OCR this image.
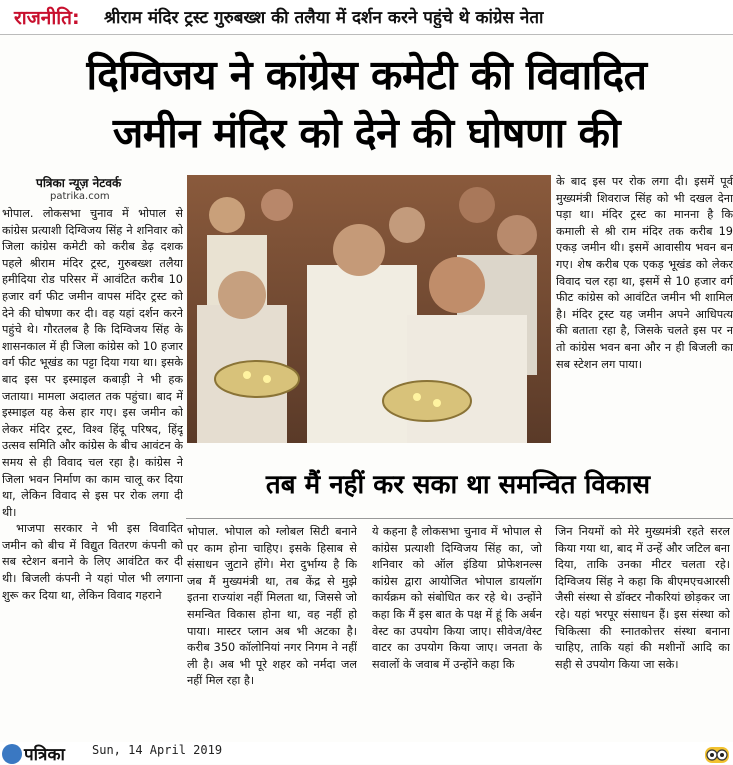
राजनीति: श्रीराम मंदिर ट्रस्ट गुरुबख्श की तलैया में दर्शन करने पहुंचे थे कांग्रेस नेता
दिग्विजय ने कांग्रेस कमेटी की विवादित
जमीन मंदिर को देने की घोषणा की
पत्रिका न्यूज़ नेटवर्क
patrika.com

भोपाल. लोकसभा चुनाव में भोपाल से कांग्रेस प्रत्याशी दिग्विजय सिंह ने शनिवार को जिला कांग्रेस कमेटी को करीब डेढ़ दशक पहले श्रीराम मंदिर ट्रस्ट, गुरुबख्श तलैया हमीदिया रोड परिसर में आवंटित करीब 10 हजार वर्ग फीट जमीन वापस मंदिर ट्रस्ट को देने की घोषणा कर दी। वह यहां दर्शन करने पहुंचे थे। गौरतलब है कि दिग्विजय सिंह के शासनकाल में ही जिला कांग्रेस को 10 हजार वर्ग फीट भूखंड का पट्टा दिया गया था। इसके बाद इस पर इस्माइल कबाड़ी ने भी हक जताया। मामला अदालत तक पहुंचा। बाद में इस्माइल यह केस हार गए। इस जमीन को लेकर मंदिर ट्रस्ट, विश्व हिंदू परिषद, हिंदू उत्सव समिति और कांग्रेस के बीच आवंटन के समय से ही विवाद चल रहा है। कांग्रेस ने जिला भवन निर्माण का काम चालू कर दिया था, लेकिन विवाद से इस पर रोक लगा दी थी।

भाजपा सरकार ने भी इस विवादित जमीन को बीच में विद्युत वितरण कंपनी को सब स्टेशन बनाने के लिए आवंटित कर दी थी। बिजली कंपनी ने यहां पोल भी लगाना शुरू कर दिया था, लेकिन विवाद गहराने

के बाद इस पर रोक लगा दी। इसमें पूर्व मुख्यमंत्री शिवराज सिंह को भी दखल देना पड़ा था। मंदिर ट्रस्ट का मानना है कि कमाली से श्री राम मंदिर तक करीब 19 एकड़ जमीन थी। इसमें आवासीय भवन बन गए। शेष करीब एक एकड़ भूखंड को लेकर विवाद चल रहा था, इसमें से 10 हजार वर्ग फीट कांग्रेस को आवंटित जमीन भी शामिल है। मंदिर ट्रस्ट यह जमीन अपने आधिपत्य की बताता रहा है, जिसके चलते इस पर न तो कांग्रेस भवन बना और न ही बिजली का सब स्टेशन लग पाया।
तब मैं नहीं कर सका था समन्वित विकास
भोपाल. भोपाल को ग्लोबल सिटी बनाने पर काम होना चाहिए। इसके हिसाब से संसाधन जुटाने होंगे। मेरा दुर्भाग्य है कि जब मैं मुख्यमंत्री था, तब केंद्र से मुझे इतना राज्यांश नहीं मिलता था, जिससे जो समन्वित विकास होना था, वह नहीं हो पाया। मास्टर प्लान अब भी अटका है। करीब 350 कॉलोनियां नगर निगम ने नहीं ली है। अब भी पूरे शहर को नर्मदा जल नहीं मिल रहा है।
ये कहना है लोकसभा चुनाव में भोपाल से कांग्रेस प्रत्याशी दिग्विजय सिंह का, जो शनिवार को ऑल इंडिया प्रोफेशनल्स कांग्रेस द्वारा आयोजित भोपाल डायलॉग कार्यक्रम को संबोधित कर रहे थे। उन्होंने कहा कि मैं इस बात के पक्ष में हूं कि अर्बन वेस्ट का उपयोग किया जाए। सीवेज/वेस्ट वाटर का उपयोग किया जाए। जनता के सवालों के जवाब में उन्होंने कहा कि
जिन नियमों को मेरे मुख्यमंत्री रहते सरल किया गया था, बाद में उन्हें और जटिल बना दिया, ताकि उनका मीटर चलता रहे। दिग्विजय सिंह ने कहा कि बीएमएचआरसी जैसी संस्था से डॉक्टर नौकरियां छोड़कर जा रहे। यहां भरपूर संसाधन हैं। इस संस्था को चिकित्सा की स्नातकोत्तर संस्था बनाना चाहिए, ताकि यहां की मशीनों आदि का सही से उपयोग किया जा सके।
पत्रिका Sun, 14 April 2019
